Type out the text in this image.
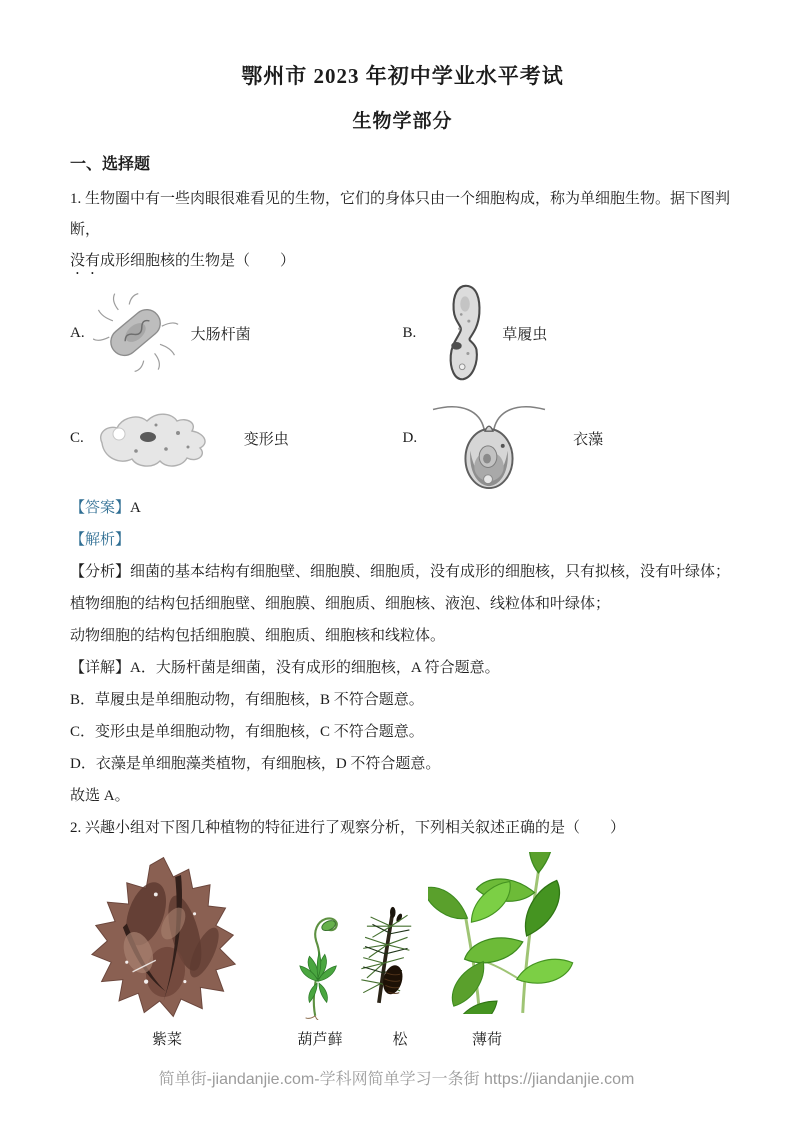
鄂州市 2023 年初中学业水平考试
生物学部分
一、选择题
1. 生物圈中有一些肉眼很难看见的生物，它们的身体只由一个细胞构成，称为单细胞生物。据下图判断，
没有成形细胞核的生物是（　　）
A.	大肠杆菌	B.	草履虫
C.	变形虫	D.	衣藻
【答案】A
【解析】
【分析】细菌的基本结构有细胞壁、细胞膜、细胞质，没有成形的细胞核，只有拟核，没有叶绿体；
植物细胞的结构包括细胞壁、细胞膜、细胞质、细胞核、液泡、线粒体和叶绿体；
动物细胞的结构包括细胞膜、细胞质、细胞核和线粒体。
【详解】A．大肠杆菌是细菌，没有成形的细胞核，A 符合题意。
B．草履虫是单细胞动物，有细胞核，B 不符合题意。
C．变形虫是单细胞动物，有细胞核，C 不符合题意。
D．衣藻是单细胞藻类植物，有细胞核，D 不符合题意。
故选 A。
2. 兴趣小组对下图几种植物的特征进行了观察分析，下列相关叙述正确的是（　　）
紫菜	葫芦藓	松	薄荷
简单街-jiandanjie.com-学科网简单学习一条街 https://jiandanjie.com
